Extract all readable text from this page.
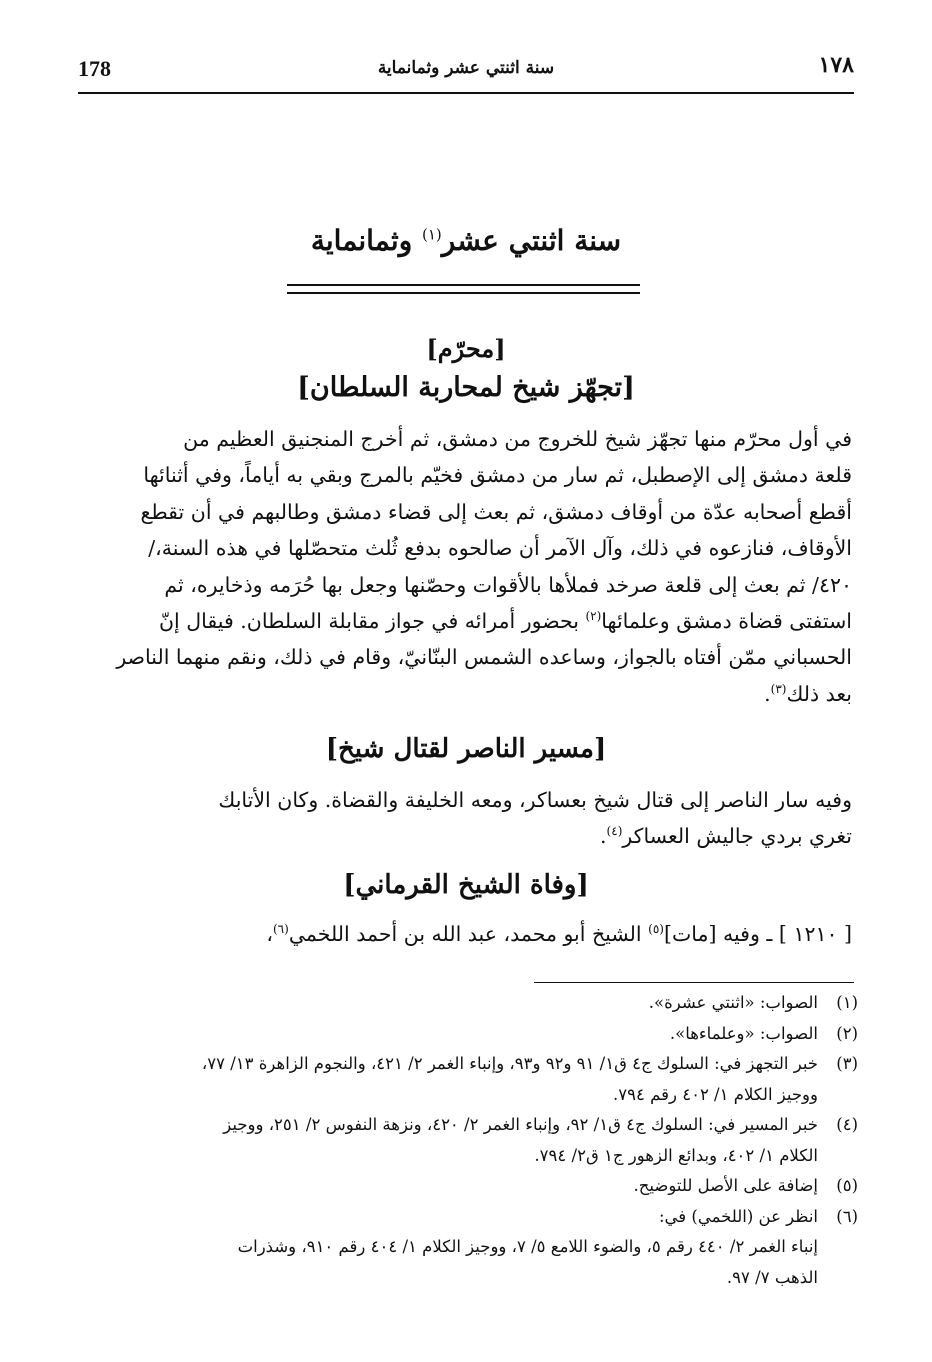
178	سنة اثنتي عشر وثمانماية	١٧٨
سنة اثنتي عشر$^{(١)}$ وثمانماية
[محرّم]
[تجهّز شيخ لمحاربة السلطان]
في أول محرّم منها تجهّز شيخ للخروج من دمشق، ثم أخرج المنجنيق العظيم من
قلعة دمشق إلى الإصطبل، ثم سار من دمشق فخيّم بالمرج وبقي به أياماً، وفي أثنائها
أقطع أصحابه عدّة من أوقاف دمشق، ثم بعث إلى قضاء دمشق وطالبهم في أن تقطع
الأوقاف، فنازعوه في ذلك، وآل الآمر أن صالحوه بدفع ثُلث متحصّلها في هذه السنة،/
٤٢٠/ ثم بعث إلى قلعة صرخد فملأها بالأقوات وحصّنها وجعل بها حُرَمه وذخايره، ثم
استفتى قضاة دمشق وعلمائها$^{(٢)}$ بحضور أمرائه في جواز مقابلة السلطان. فيقال إنّ
الحسباني ممّن أفتاه بالجواز، وساعده الشمس البنّانيّ، وقام في ذلك، ونقم منهما الناصر
بعد ذلك$^{(٣)}$.
[مسير الناصر لقتال شيخ]
وفيه سار الناصر إلى قتال شيخ بعساكر، ومعه الخليفة والقضاة. وكان الأتابك
تغري بردي جاليش العساكر$^{(٤)}$.
[وفاة الشيخ القرماني]
[ ١٢١٠ ] ـ وفيه [مات]$^{(٥)}$ الشيخ أبو محمد، عبد الله بن أحمد اللخمي$^{(٦)}$،
(١)
الصواب: «اثنتي عشرة».
(٢)
الصواب: «وعلماءها».
(٣)
خبر التجهز في: السلوك ج٤ ق١/ ٩١ و٩٢ و٩٣، وإنباء الغمر ٢/ ٤٢١، والنجوم الزاهرة ١٣/ ٧٧،
ووجيز الكلام ١/ ٤٠٢ رقم ٧٩٤.
(٤)
خبر المسير في: السلوك ج٤ ق١/ ٩٢، وإنباء الغمر ٢/ ٤٢٠، ونزهة النفوس ٢/ ٢٥١، ووجيز
الكلام ١/ ٤٠٢، وبدائع الزهور ج١ ق٢/ ٧٩٤.
(٥)
إضافة على الأصل للتوضيح.
(٦)
انظر عن (اللخمي) في:
إنباء الغمر ٢/ ٤٤٠ رقم ٥، والضوء اللامع ٥/ ٧، ووجيز الكلام ١/ ٤٠٤ رقم ٩١٠، وشذرات
الذهب ٧/ ٩٧.
